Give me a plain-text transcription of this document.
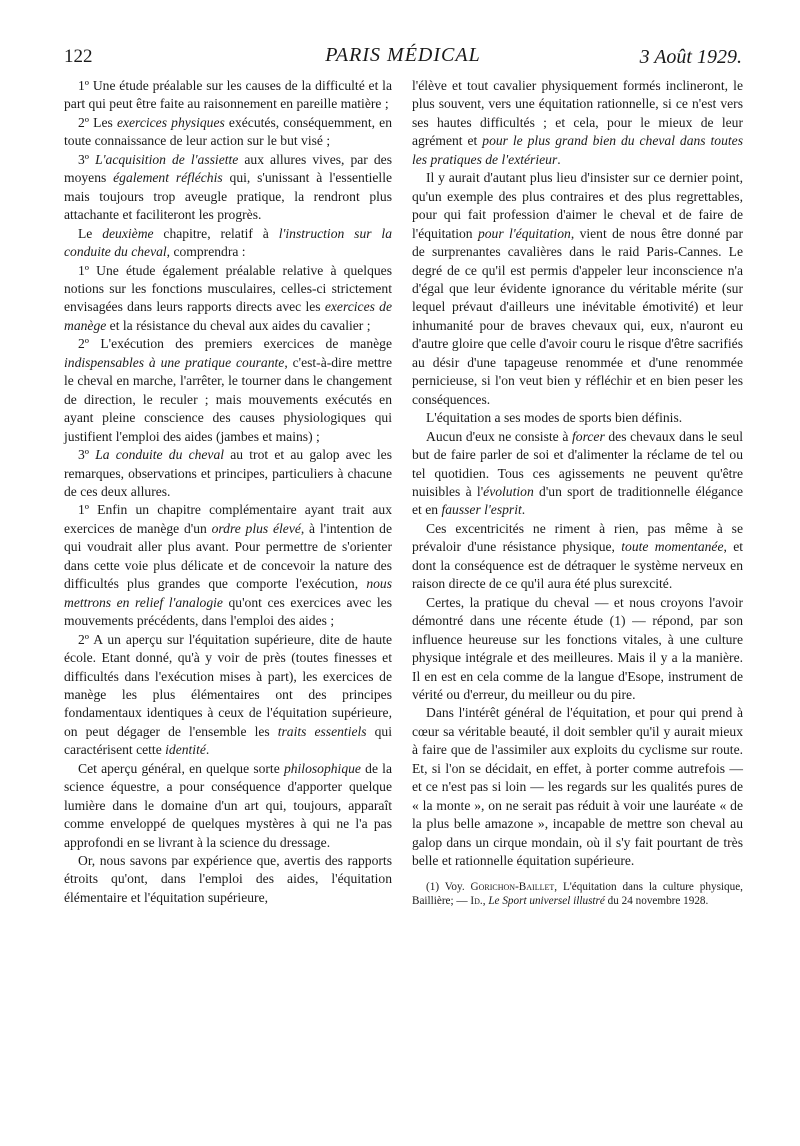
122	PARIS MÉDICAL	3 Août 1929.

1º Une étude préalable sur les causes de la difficulté et la part qui peut être faite au raisonnement en pareille matière ;

2º Les exercices physiques exécutés, conséquemment, en toute connaissance de leur action sur le but visé ;

3º L'acquisition de l'assiette aux allures vives, par des moyens également réfléchis qui, s'unissant à l'essentielle mais toujours trop aveugle pratique, la rendront plus attachante et faciliteront les progrès.

Le deuxième chapitre, relatif à l'instruction sur la conduite du cheval, comprendra :

1º Une étude également préalable relative à quelques notions sur les fonctions musculaires, celles-ci strictement envisagées dans leurs rapports directs avec les exercices de manège et la résistance du cheval aux aides du cavalier ;

2º L'exécution des premiers exercices de manège indispensables à une pratique courante, c'est-à-dire mettre le cheval en marche, l'arrêter, le tourner dans le changement de direction, le reculer ; mais mouvements exécutés en ayant pleine conscience des causes physiologiques qui justifient l'emploi des aides (jambes et mains) ;

3º La conduite du cheval au trot et au galop avec les remarques, observations et principes, particuliers à chacune de ces deux allures.

1º Enfin un chapitre complémentaire ayant trait aux exercices de manège d'un ordre plus élevé, à l'intention de qui voudrait aller plus avant. Pour permettre de s'orienter dans cette voie plus délicate et de concevoir la nature des difficultés plus grandes que comporte l'exécution, nous mettrons en relief l'analogie qu'ont ces exercices avec les mouvements précédents, dans l'emploi des aides ;

2º A un aperçu sur l'équitation supérieure, dite de haute école. Etant donné, qu'à y voir de près (toutes finesses et difficultés dans l'exécution mises à part), les exercices de manège les plus élémentaires ont des principes fondamentaux identiques à ceux de l'équitation supérieure, on peut dégager de l'ensemble les traits essentiels qui caractérisent cette identité.

Cet aperçu général, en quelque sorte philosophique de la science équestre, a pour conséquence d'apporter quelque lumière dans le domaine d'un art qui, toujours, apparaît comme enveloppé de quelques mystères à qui ne l'a pas approfondi en se livrant à la science du dressage.

Or, nous savons par expérience que, avertis des rapports étroits qu'ont, dans l'emploi des aides, l'équitation élémentaire et l'équitation supérieure,

l'élève et tout cavalier physiquement formés inclineront, le plus souvent, vers une équitation rationnelle, si ce n'est vers ses hautes difficultés ; et cela, pour le mieux de leur agrément et pour le plus grand bien du cheval dans toutes les pratiques de l'extérieur.

Il y aurait d'autant plus lieu d'insister sur ce dernier point, qu'un exemple des plus contraires et des plus regrettables, pour qui fait profession d'aimer le cheval et de faire de l'équitation pour l'équitation, vient de nous être donné par de surprenantes cavalières dans le raid Paris-Cannes. Le degré de ce qu'il est permis d'appeler leur inconscience n'a d'égal que leur évidente ignorance du véritable mérite (sur lequel prévaut d'ailleurs une inévitable émotivité) et leur inhumanité pour de braves chevaux qui, eux, n'auront eu d'autre gloire que celle d'avoir couru le risque d'être sacrifiés au désir d'une tapageuse renommée et d'une renommée pernicieuse, si l'on veut bien y réfléchir et en bien peser les conséquences.

L'équitation a ses modes de sports bien définis.

Aucun d'eux ne consiste à forcer des chevaux dans le seul but de faire parler de soi et d'alimenter la réclame de tel ou tel quotidien. Tous ces agissements ne peuvent qu'être nuisibles à l'évolution d'un sport de traditionnelle élégance et en fausser l'esprit.

Ces excentricités ne riment à rien, pas même à se prévaloir d'une résistance physique, toute momentanée, et dont la conséquence est de détraquer le système nerveux en raison directe de ce qu'il aura été plus surexcité.

Certes, la pratique du cheval — et nous croyons l'avoir démontré dans une récente étude (1) — répond, par son influence heureuse sur les fonctions vitales, à une culture physique intégrale et des meilleures. Mais il y a la manière. Il en est en cela comme de la langue d'Esope, instrument de vérité ou d'erreur, du meilleur ou du pire.

Dans l'intérêt général de l'équitation, et pour qui prend à cœur sa véritable beauté, il doit sembler qu'il y aurait mieux à faire que de l'assimiler aux exploits du cyclisme sur route. Et, si l'on se décidait, en effet, à porter comme autrefois — et ce n'est pas si loin — les regards sur les qualités pures de « la monte », on ne serait pas réduit à voir une lauréate « de la plus belle amazone », incapable de mettre son cheval au galop dans un cirque mondain, où il s'y fait pourtant de très belle et rationnelle équitation supérieure.

(1) Voy. Gorichon-Baillet, L'équitation dans la culture physique, Baillière; — Id., Le Sport universel illustré du 24 novembre 1928.
